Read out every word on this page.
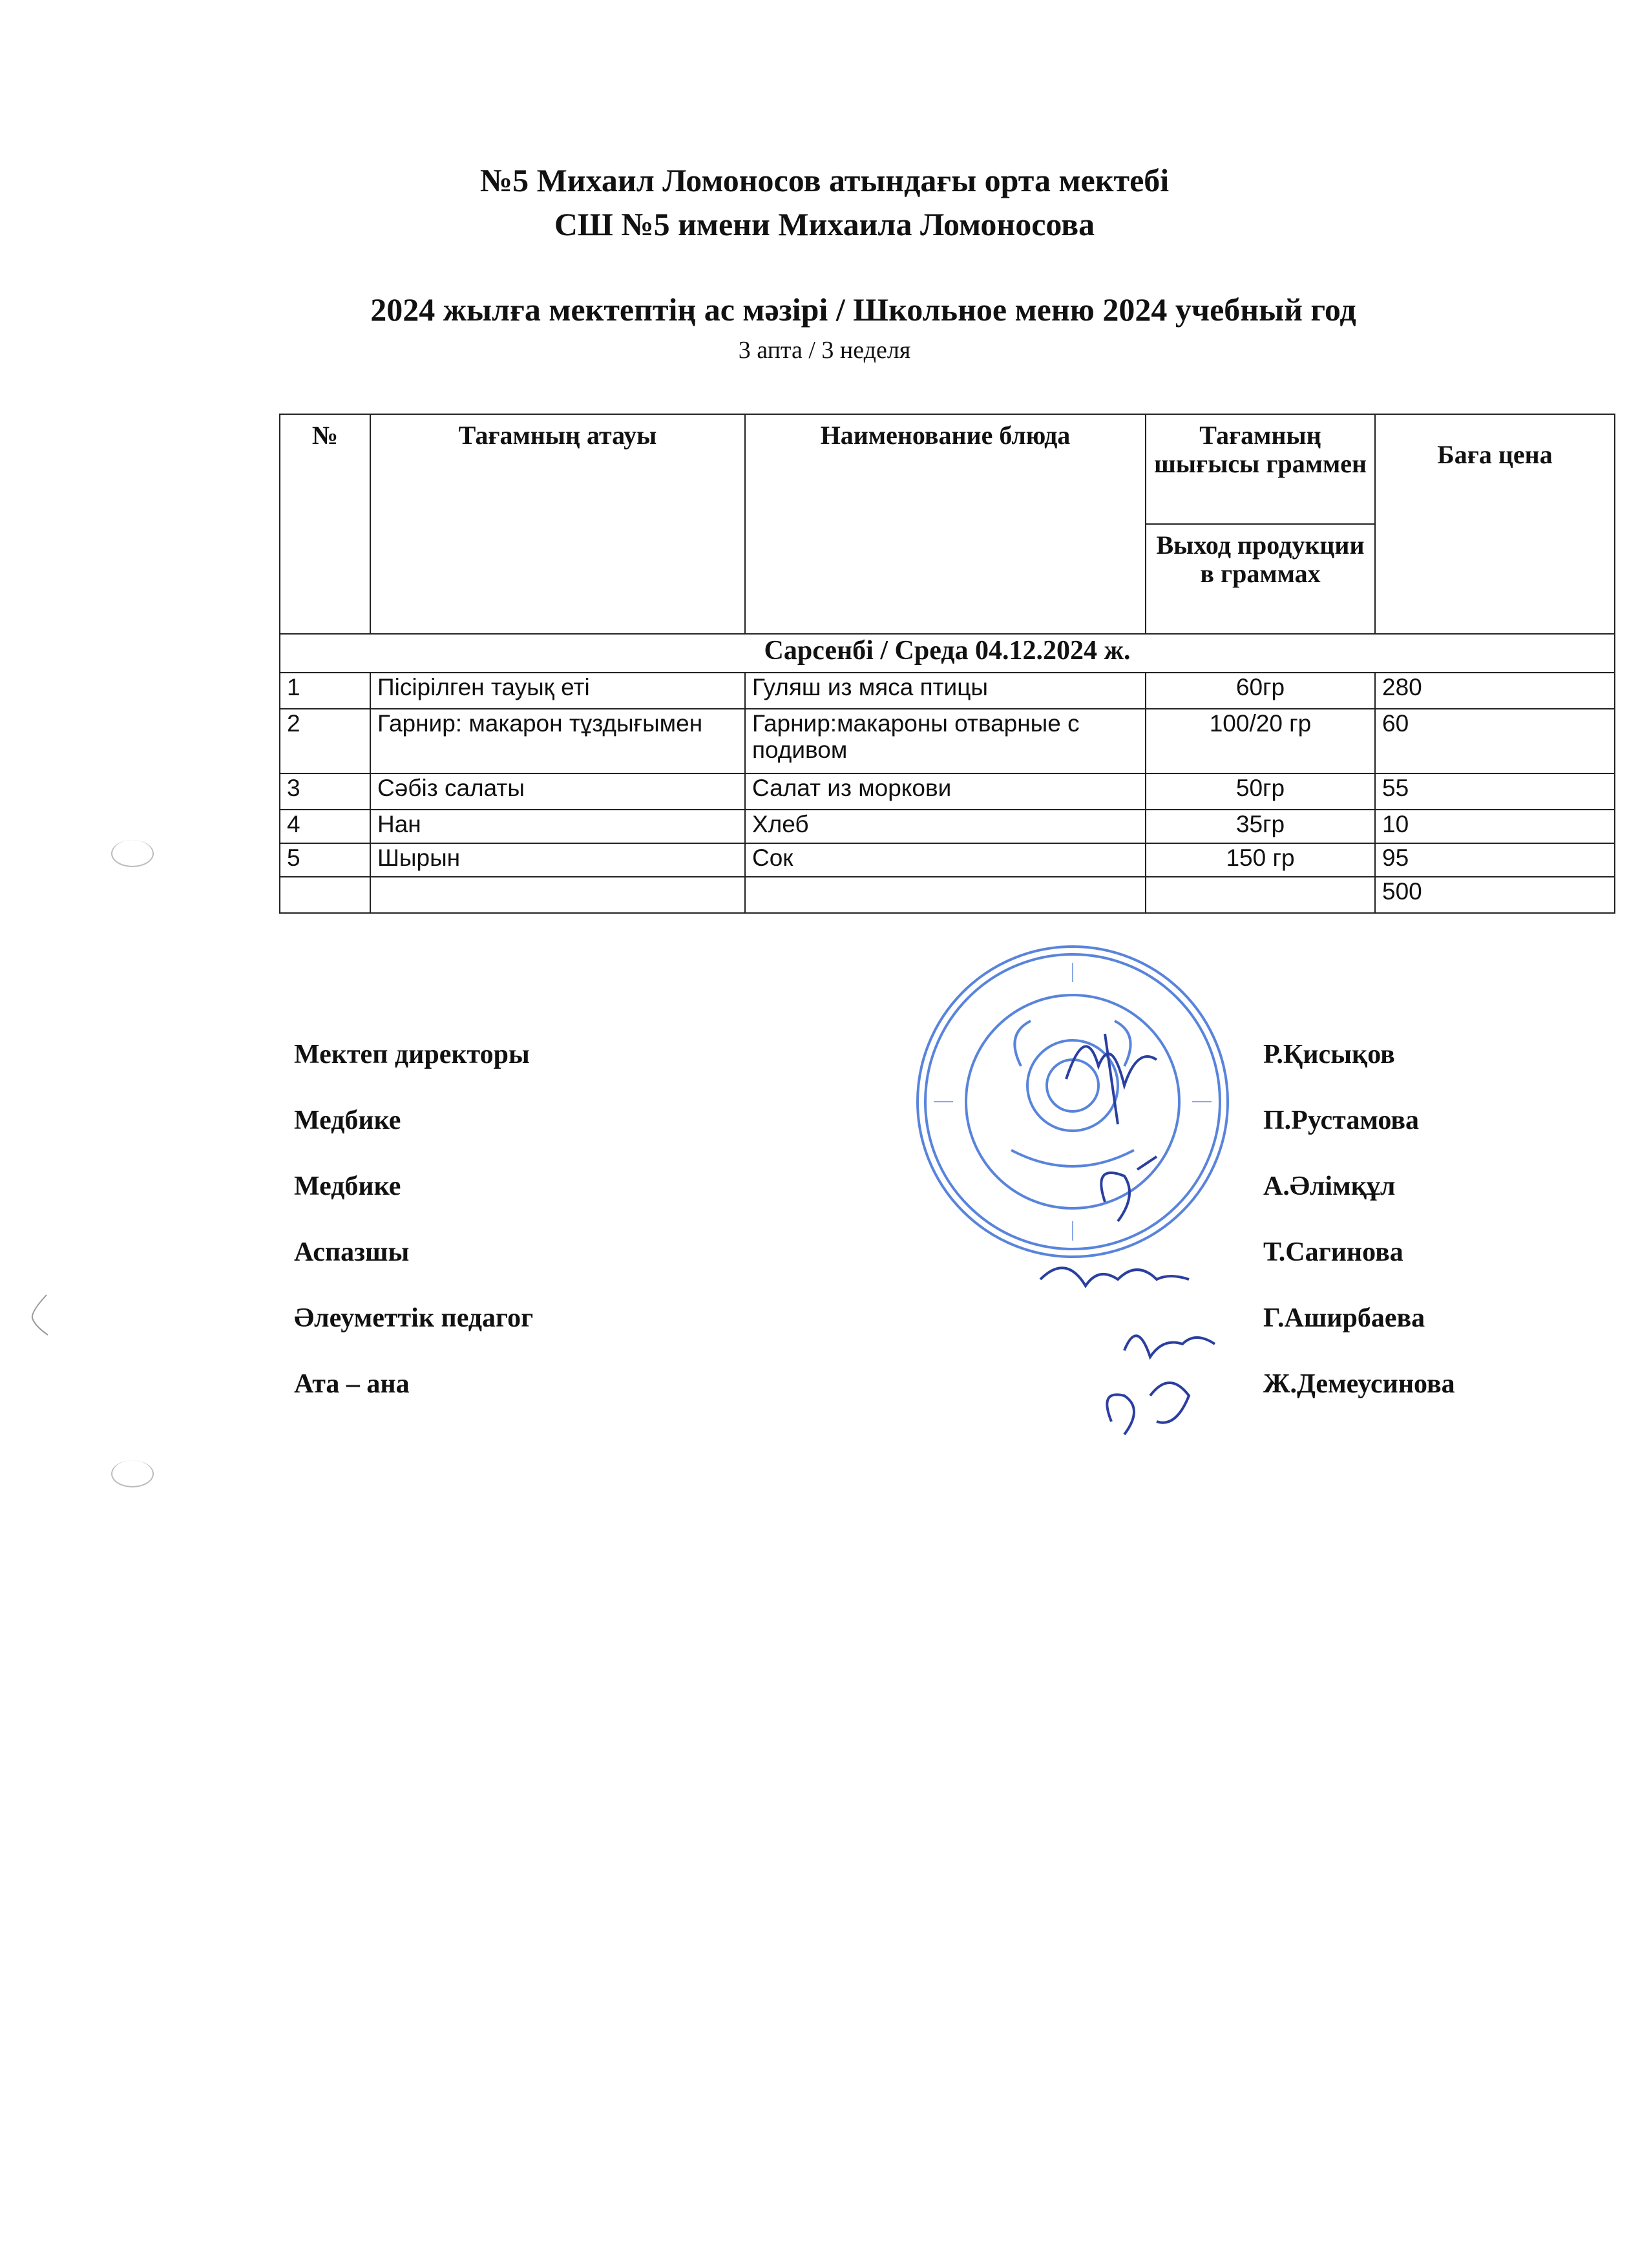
№5 Михаил Ломоносов атындағы орта мектебі
СШ №5 имени Михаила Ломоносова
2024 жылға мектептің ас мәзірі / Школьное меню 2024 учебный год
3 апта / 3 неделя
№	Тағамның атауы	Наименование блюда	Тағамның шығысы граммен	Баға цена
			Выход продукции в граммах	
Сарсенбі / Среда 04.12.2024 ж.				
1	Пісірілген тауық еті	Гуляш из мяса птицы	60гр	280
2	Гарнир: макарон тұздығымен	Гарнир:макароны отварные с подивом	100/20 гр	60
3	Сәбіз салаты	Салат из моркови	50гр	55
4	Нан	Хлеб	35гр	10
5	Шырын	Сок	150 гр	95
				500
Мектеп директоры	Р.Қисықов
Медбике	П.Рустамова
Медбике	А.Әлімқұл
Аспазшы	Т.Сагинова
Әлеуметтік педагог	Г.Аширбаева
Ата – ана	Ж.Демеусинова
